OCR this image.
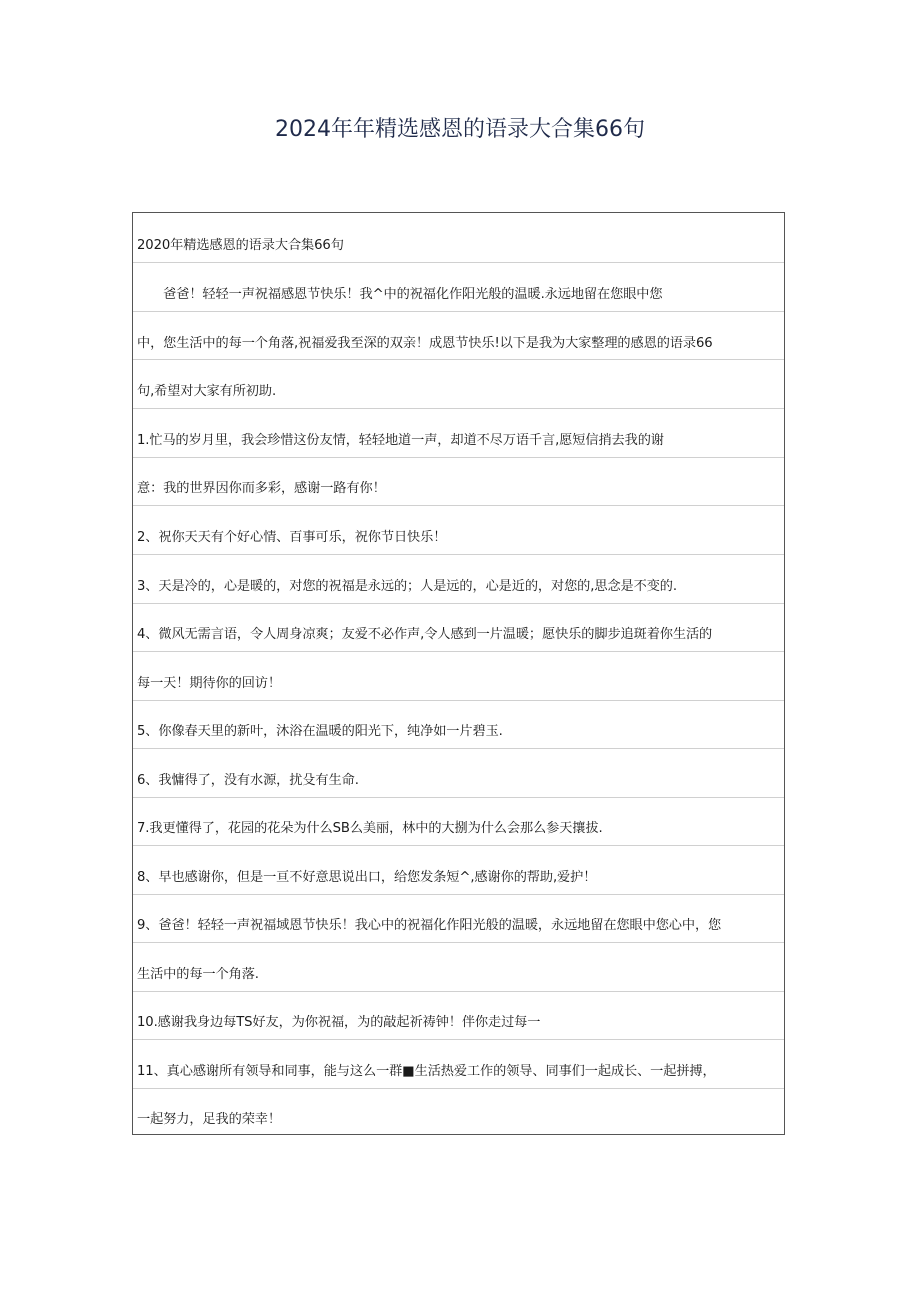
2024年年精选感恩的语录大合集66句
2020年精选感恩的语录大合集66句
　　爸爸！轻轻一声祝福感恩节快乐！我^中的祝福化作阳光般的温暖.永远地留在您眼中您
中，您生活中的每一个角落,祝福爱我至深的双亲！成恩节快乐!以下是我为大家整理的感恩的语录66
句,希望对大家有所初助.
1.忙马的岁月里，我会珍惜这份友情，轻轻地道一声，却道不尽万语千言,愿短信捎去我的谢
意：我的世界因你而多彩，感谢一路有你！
2、祝你天天有个好心情、百事可乐，祝你节日快乐！
3、天是冷的，心是暖的，对您的祝福是永远的；人是远的，心是近的，对您的,思念是不变的.
4、微风无需言语，令人周身凉爽；友爱不必作声,令人感到一片温暖；愿快乐的脚步追斑着你生活的
每一天！期待你的回访！
5、你像春天里的新叶，沐浴在温暖的阳光下，纯净如一片碧玉.
6、我慵得了，没有水源，扰殳有生命.
7.我更懂得了，花园的花朵为什么SB么美丽，林中的大捌为什么会那么参天攘拔.
8、早也感谢你，但是一亘不好意思说出口，给您发条短^,感谢你的帮助,爱护！
9、爸爸！轻轻一声祝福域恩节快乐！我心中的祝福化作阳光般的温暖，永远地留在您眼中您心中，您
生活中的每一个角落.
10.感谢我身边每TS好友，为你祝福，为的敲起祈祷钟！伴你走过每一
11、真心感谢所有领导和同事，能与这么一群■生活热爱工作的领导、同事们一起成长、一起拼搏，
一起努力，足我的荣幸！
